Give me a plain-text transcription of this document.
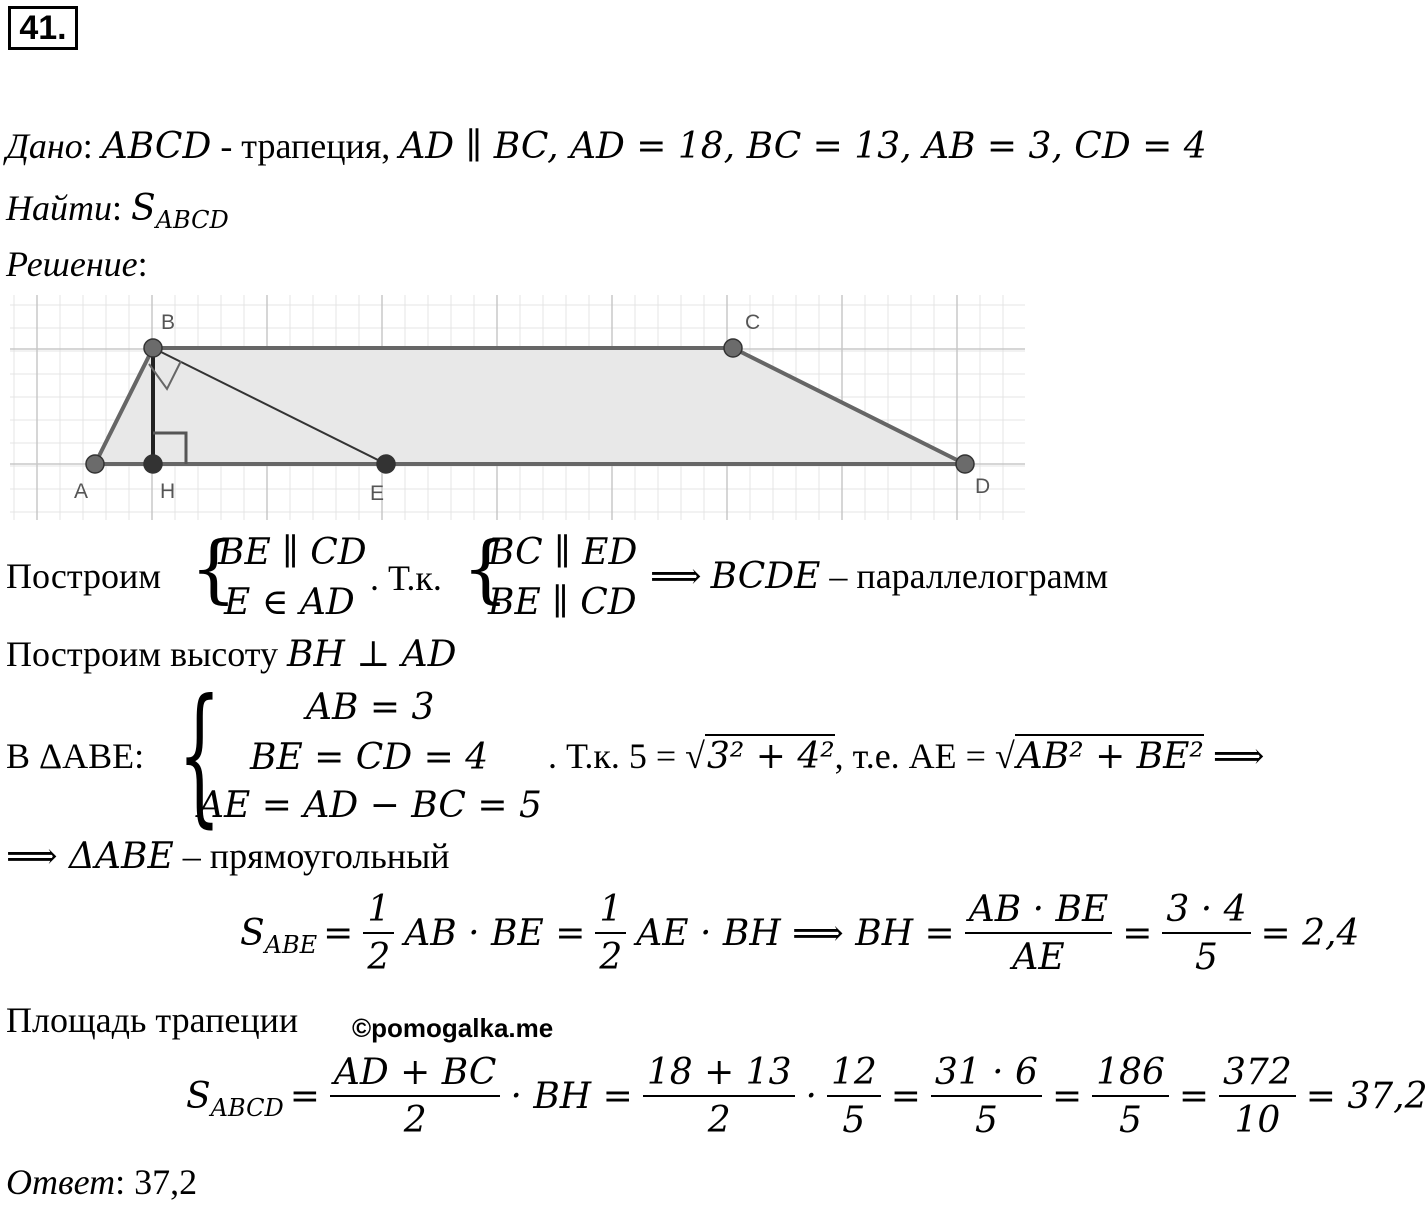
41.
Дано: ABCD - трапеция, AD ∥ BC, AD = 18, BC = 13, AB = 3, CD = 4
Найти: $S_{ABCD}$
Решение:
A
B	C
D
E
H
Построим {
BE ∥ CD
E ∈ AD
. Т.к. {
BC ∥ ED
BE ∥ CD
⟹ BCDE – параллелограмм
Построим высоту BH ⊥ AD
В ΔABE: { AB = 3
BE = CD = 4
AE = AD − BC = 5
. Т.к. 5 = √3² + 4², т.е. AE = √AB² + BE² ⟹
⟹ ΔABE – прямоугольный
$S_{ABE} = \frac{1}{2}$ AB · BE = $\frac{1}{2}$ AE · BH ⟹ BH = $\frac{AB \cdot BE}{AE} = \frac{3 \cdot 4}{5} = 2,4$
Площадь трапеции ©pomogalka.me
$S_{ABCD} = \frac{AD + BC}{2}$ · BH = $\frac{18 + 13}{2} \cdot \frac{12}{5} = \frac{31 \cdot 6}{5} = \frac{186}{5} = \frac{372}{10} = 37,2$
Ответ: 37,2
